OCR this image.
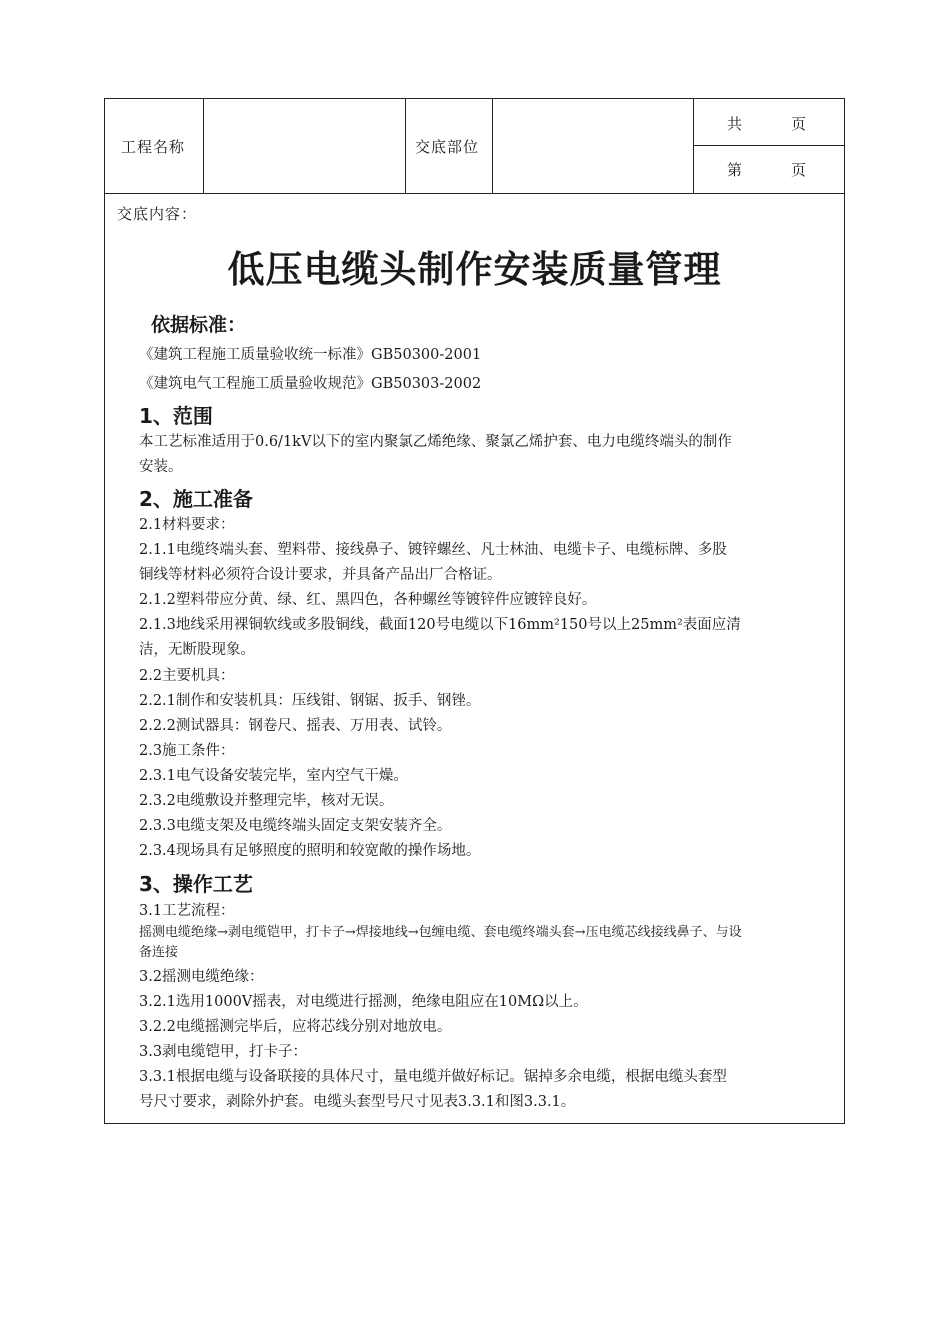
工程名称	交底部位
共　　　页
第　　　页
交底内容：
低压电缆头制作安装质量管理
依据标准：
《建筑工程施工质量验收统一标准》GB50300-2001
《建筑电气工程施工质量验收规范》GB50303-2002
1、范围
本工艺标准适用于0.6/1kV以下的室内聚氯乙烯绝缘、聚氯乙烯护套、电力电缆终端头的制作
安装。
2、施工准备
2.1材料要求：
2.1.1电缆终端头套、塑料带、接线鼻子、镀锌螺丝、凡士林油、电缆卡子、电缆标牌、多股
铜线等材料必须符合设计要求，并具备产品出厂合格证。
2.1.2塑料带应分黄、绿、红、黑四色，各种螺丝等镀锌件应镀锌良好。
2.1.3地线采用裸铜软线或多股铜线，截面120号电缆以下16mm²150号以上25mm²表面应清
洁，无断股现象。
2.2主要机具：
2.2.1制作和安装机具：压线钳、钢锯、扳手、钢锉。
2.2.2测试器具：钢卷尺、摇表、万用表、试铃。
2.3施工条件：
2.3.1电气设备安装完毕，室内空气干燥。
2.3.2电缆敷设并整理完毕，核对无误。
2.3.3电缆支架及电缆终端头固定支架安装齐全。
2.3.4现场具有足够照度的照明和较宽敞的操作场地。
3、操作工艺
3.1工艺流程：
摇测电缆绝缘→剥电缆铠甲，打卡子→焊接地线→包缠电缆、套电缆终端头套→压电缆芯线接线鼻子、与设
备连接
3.2摇测电缆绝缘：
3.2.1选用1000V摇表，对电缆进行摇测，绝缘电阻应在10MΩ以上。
3.2.2电缆摇测完毕后，应将芯线分别对地放电。
3.3剥电缆铠甲，打卡子：
3.3.1根据电缆与设备联接的具体尺寸，量电缆并做好标记。锯掉多余电缆，根据电缆头套型
号尺寸要求，剥除外护套。电缆头套型号尺寸见表3.3.1和图3.3.1。
